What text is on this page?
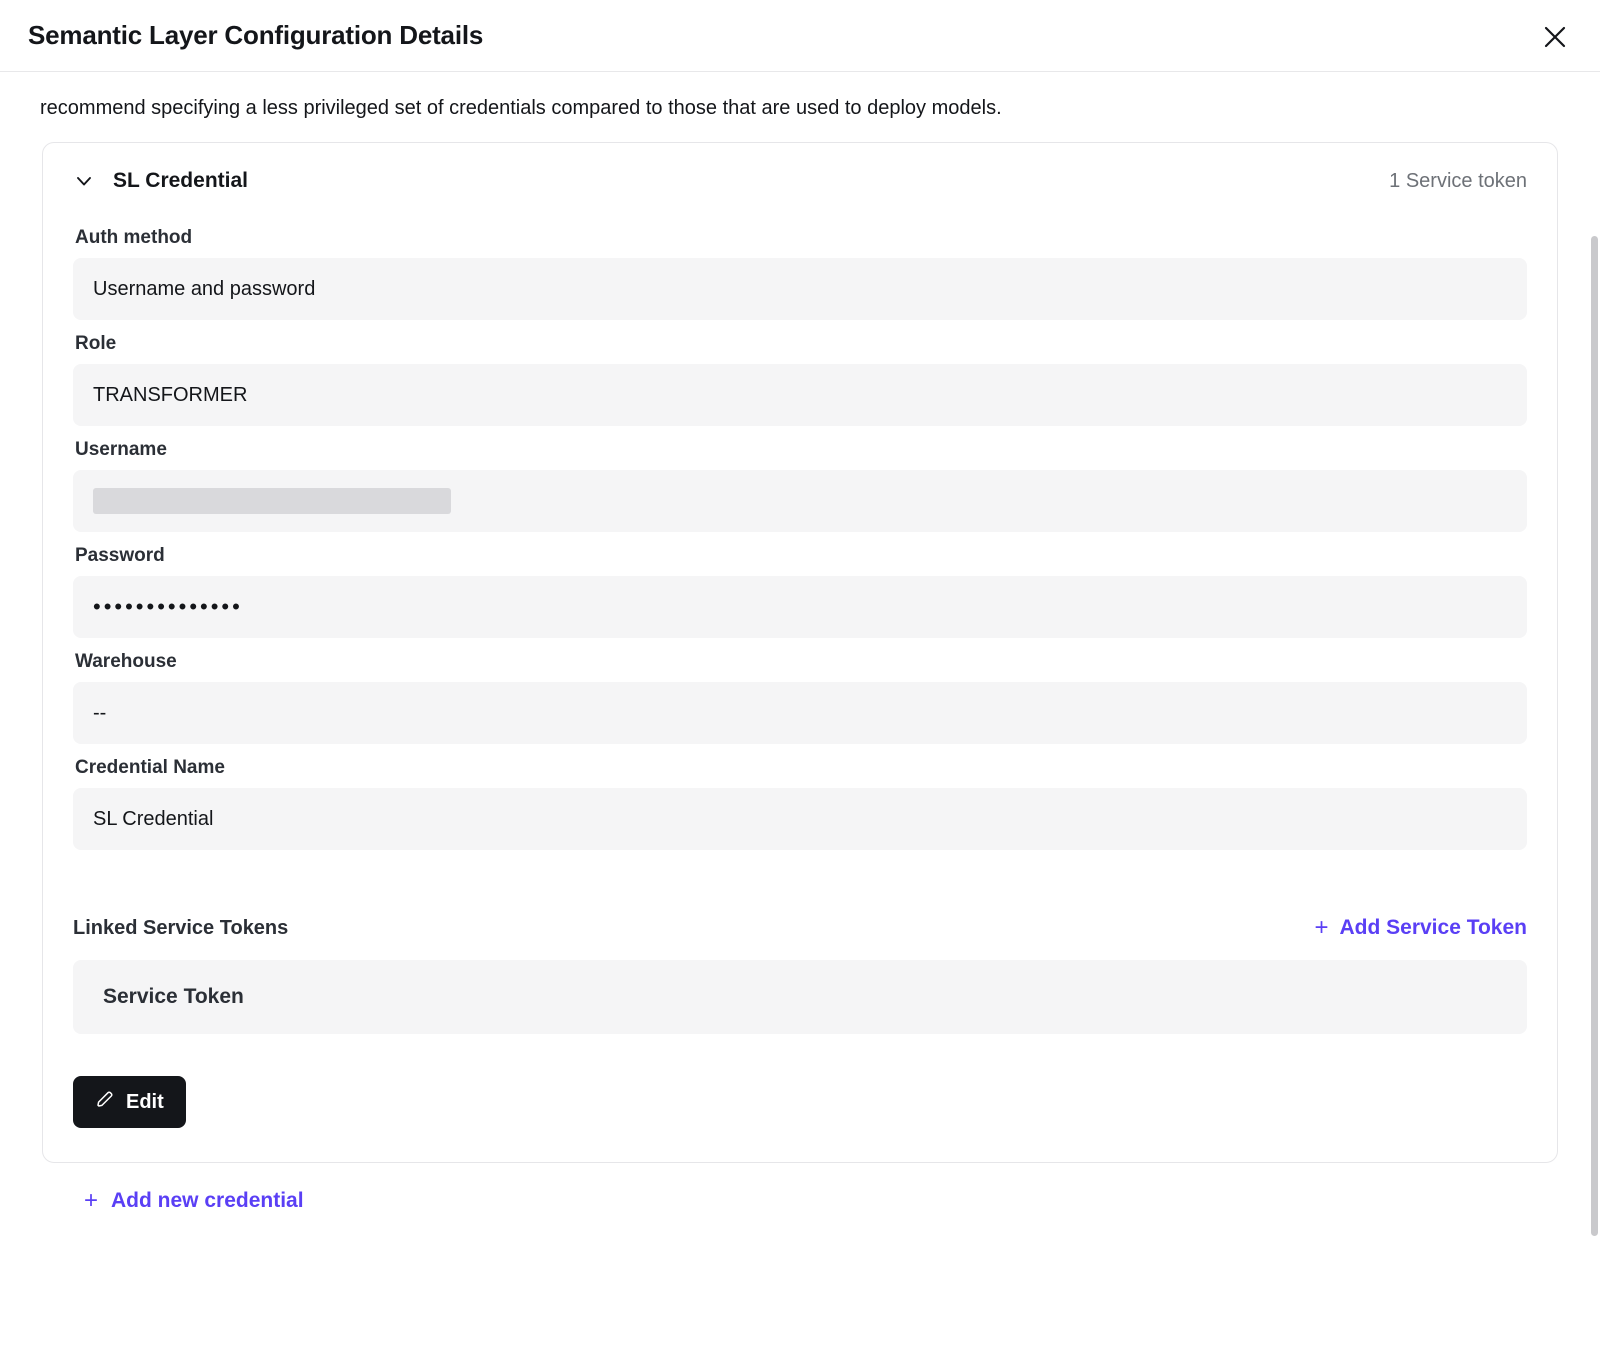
Semantic Layer Configuration Details
recommend specifying a less privileged set of credentials compared to those that are used to deploy models.
SL Credential	1 Service token
Auth method
Username and password
Role
TRANSFORMER
Username
Password
••••••••••••••
Warehouse
--
Credential Name
SL Credential
Linked Service Tokens	+ Add Service Token
Service Token
Edit
+ Add new credential
